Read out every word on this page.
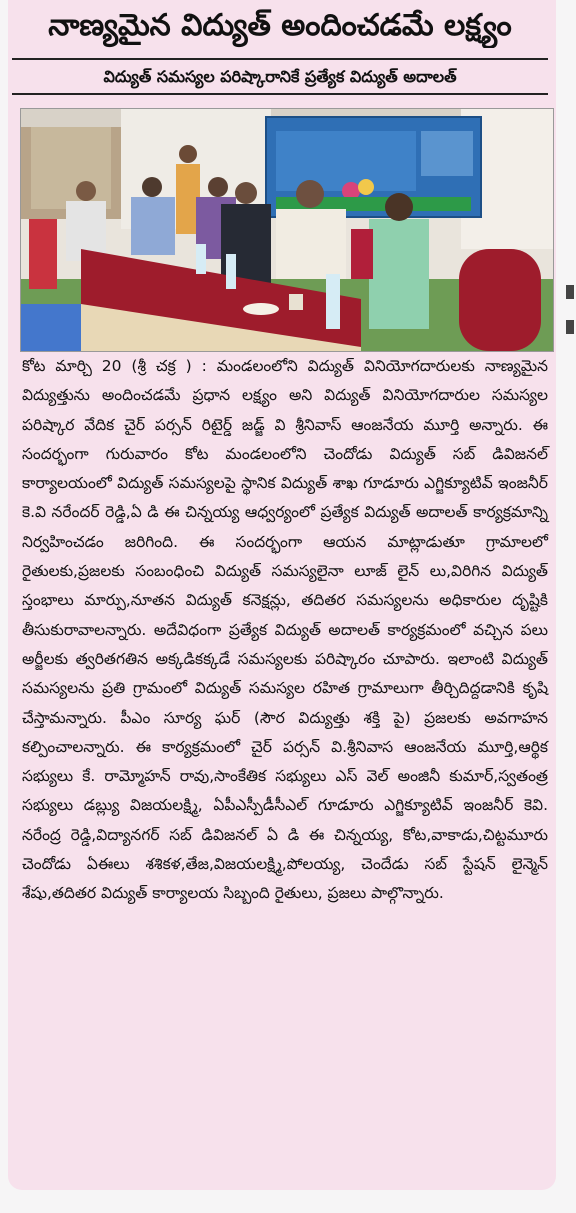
నాణ్యమైన విద్యుత్ అందించడమే లక్ష్యం
విద్యుత్ సమస్యల పరిష్కారానికే ప్రత్యేక విద్యుత్ అదాలత్

కోట మార్చి 20 (శ్రీ చక్ర ) : మండలంలోని విద్యుత్ వినియోగదారులకు నాణ్యమైన విద్యుత్తును అందించడమే ప్రధాన లక్ష్యం అని విద్యుత్ వినియోగదారుల సమస్యల పరిష్కార వేదిక చైర్ పర్సన్ రిటైర్డ్ జడ్జ్ వి శ్రీనివాస్ ఆంజనేయ మూర్తి అన్నారు. ఈ సందర్భంగా గురువారం కోట మండలంలోని చెందోడు విద్యుత్ సబ్ డివిజనల్ కార్యాలయంలో విద్యుత్ సమస్యలపై స్థానిక విద్యుత్ శాఖ గూడూరు ఎగ్జిక్యూటివ్ ఇంజనీర్ కె.వి నరేందర్ రెడ్డి,ఏ డి ఈ చిన్నయ్య ఆధ్వర్యంలో ప్రత్యేక విద్యుత్ అదాలత్ కార్యక్రమాన్ని నిర్వహించడం జరిగింది. ఈ సందర్భంగా ఆయన మాట్లాడుతూ గ్రామాలలో రైతులకు,ప్రజలకు సంబంధించి విద్యుత్ సమస్యలైనా లూజ్ లైన్ లు,విరిగిన విద్యుత్ స్తంభాలు మార్పు,నూతన విద్యుత్ కనెక్షన్లు, తదితర సమస్యలను అధికారుల దృష్టికి తీసుకురావాలన్నారు. అదేవిధంగా ప్రత్యేక విద్యుత్ అదాలత్ కార్యక్రమంలో వచ్చిన పలు అర్జీలకు త్వరితగతిన అక్కడికక్కడే సమస్యలకు పరిష్కారం చూపారు. ఇలాంటి విద్యుత్ సమస్యలను ప్రతి గ్రామంలో విద్యుత్ సమస్యల రహిత గ్రామాలుగా తీర్చిదిద్దడానికి కృషి చేస్తామన్నారు. పీఎం సూర్య ఘర్ (సౌర విద్యుత్తు శక్తి పై) ప్రజలకు అవగాహన కల్పించాలన్నారు. ఈ కార్యక్రమంలో చైర్ పర్సన్ వి.శ్రీనివాస ఆంజనేయ మూర్తి,ఆర్థిక సభ్యులు కే. రామ్మోహన్ రావు,సాంకేతిక సభ్యులు ఎస్ వెల్ అంజినీ కుమార్,స్వతంత్ర సభ్యులు డబ్ల్యు విజయలక్ష్మి, ఏపీఎస్పీడీసీఎల్ గూడూరు ఎగ్జిక్యూటివ్ ఇంజనీర్ కెవి. నరేంద్ర రెడ్డి,విద్యానగర్ సబ్ డివిజనల్ ఏ డి ఈ చిన్నయ్య, కోట,వాకాడు,చిట్టమూరు చెందోడు ఏఈలు శశికళ,తేజ,విజయలక్ష్మి,పోలయ్య, చెందేడు సబ్ స్టేషన్ లైన్మెన్ శేషు,తదితర విద్యుత్ కార్యాలయ సిబ్బంది రైతులు, ప్రజలు పాల్గొన్నారు.
